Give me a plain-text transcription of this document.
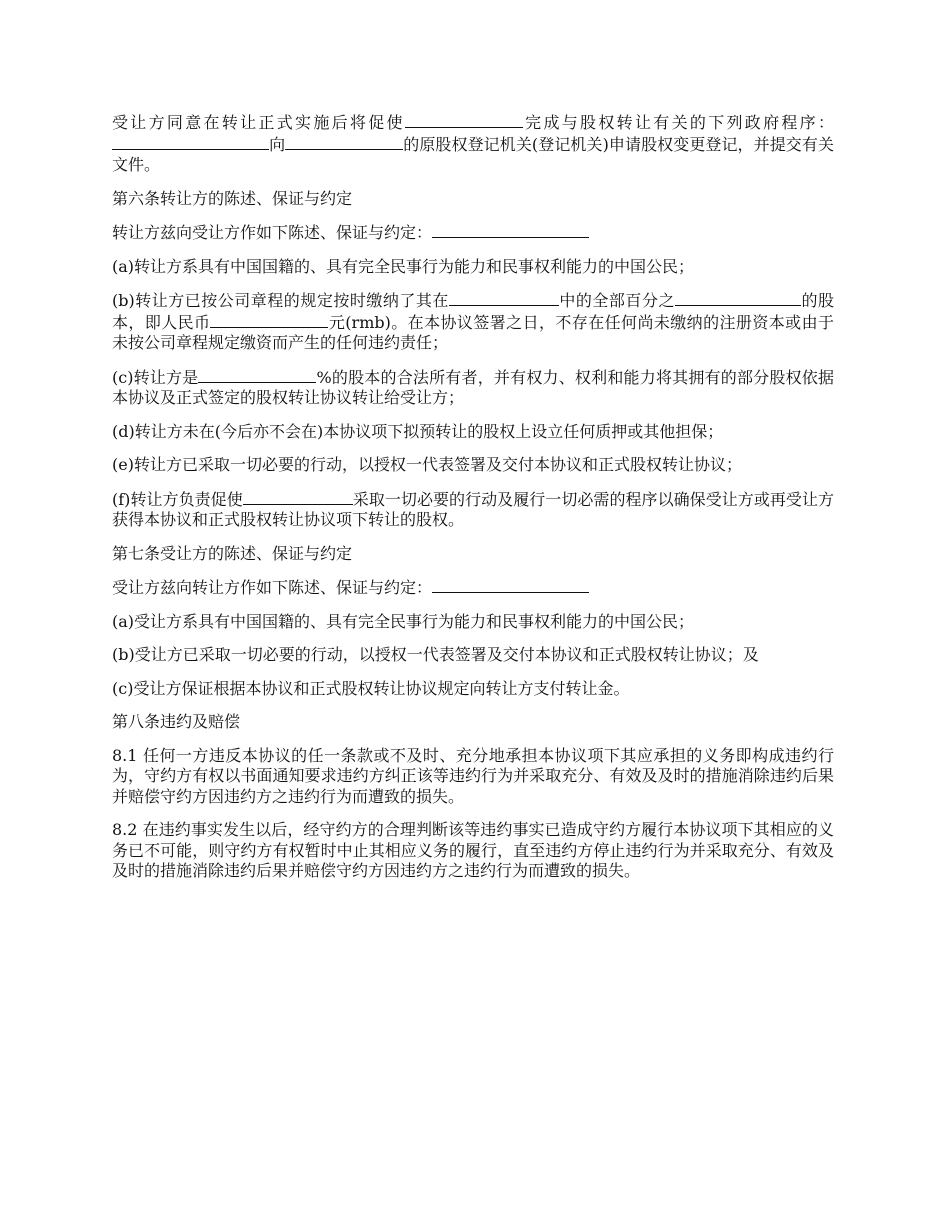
受让方同意在转让正式实施后将促使	完成与股权转让有关的下列政府程序：向	的原股权登记机关(登记机关)申请股权变更登记，并提交有关文件。

第六条转让方的陈述、保证与约定

转让方兹向受让方作如下陈述、保证与约定：

(a)转让方系具有中国国籍的、具有完全民事行为能力和民事权利能力的中国公民；

(b)转让方已按公司章程的规定按时缴纳了其在	中的全部百分之	的股本，即人民币	元(rmb)。在本协议签署之日，不存在任何尚未缴纳的注册资本或由于未按公司章程规定缴资而产生的任何违约责任；

(c)转让方是	%的股本的合法所有者，并有权力、权利和能力将其拥有的部分股权依据本协议及正式签定的股权转让协议转让给受让方；

(d)转让方未在(今后亦不会在)本协议项下拟预转让的股权上设立任何质押或其他担保；

(e)转让方已采取一切必要的行动，以授权一代表签署及交付本协议和正式股权转让协议；

(f)转让方负责促使	采取一切必要的行动及履行一切必需的程序以确保受让方或再受让方获得本协议和正式股权转让协议项下转让的股权。

第七条受让方的陈述、保证与约定

受让方兹向转让方作如下陈述、保证与约定：

(a)受让方系具有中国国籍的、具有完全民事行为能力和民事权利能力的中国公民；

(b)受让方已采取一切必要的行动，以授权一代表签署及交付本协议和正式股权转让协议；及

(c)受让方保证根据本协议和正式股权转让协议规定向转让方支付转让金。

第八条违约及赔偿

8.1 任何一方违反本协议的任一条款或不及时、充分地承担本协议项下其应承担的义务即构成违约行为，守约方有权以书面通知要求违约方纠正该等违约行为并采取充分、有效及及时的措施消除违约后果并赔偿守约方因违约方之违约行为而遭致的损失。

8.2 在违约事实发生以后，经守约方的合理判断该等违约事实已造成守约方履行本协议项下其相应的义务已不可能，则守约方有权暂时中止其相应义务的履行，直至违约方停止违约行为并采取充分、有效及及时的措施消除违约后果并赔偿守约方因违约方之违约行为而遭致的损失。
